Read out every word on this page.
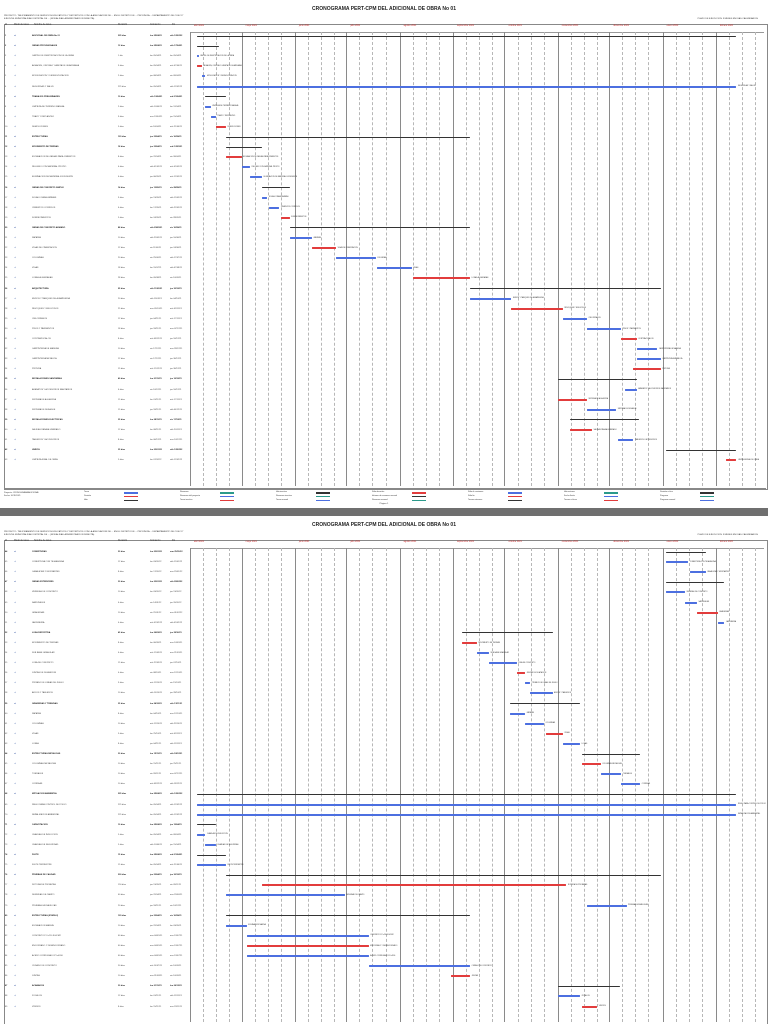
CRONOGRAMA PERT-CPM DEL ADICIONAL DE OBRA No 01
PROYECTO: "MEJORAMIENTO DE SERVICIOS EDUCATIVOS Y DEPORTIVOS CON LA ADECUACION DE ... EN EL DISTRITO DE ... PROVINCIA ... DEPARTAMENTO DE CUSCO"
EJECUTA: MUNICIPALIDAD DISTRITAL DE ... (MODALIDAD ADMINISTRACION DIRECTA)	PLAZO DE EJECUCION: 3 MESES EN DIAS CALENDARIOS
Id	Modo de tarea Nombre de tarea	Duración	Comienzo	Fin
1	⇉	ADICIONAL DE OBRA No 01	225 días	lun 05/04/21	sáb 12/02/22
2	⇉	OBRAS PROVISIONALES	12 días	lun 05/04/21	sáb 17/04/21
3	⇉	CARTEL DE IDENTIFICACION DE LA OBRA	1 día	lun 05/04/21	lun 05/04/21
4	⇉	ALMACEN, OFICINA Y CASETA DE GUARDIANIA	3 días	lun 05/04/21	mié 07/04/21
5	⇉	MOVILIZACION Y DESMOVILIZACION	2 días	jue 08/04/21	vie 09/04/21
6	⇉	SEGURIDAD Y SALUD	225 días	lun 05/04/21	sáb 12/02/22
7	⇉	TRABAJOS PRELIMINARES	10 días	sáb 10/04/21	mié 21/04/21
8	⇉	LIMPIEZA DE TERRENO MANUAL	2 días	sáb 10/04/21	lun 12/04/21
9	⇉	TRAZO Y REPLANTEO	3 días	mar 13/04/21	jue 15/04/21
10	⇉	DEMOLICIONES	5 días	vie 16/04/21	mié 21/04/21
11	⇉	ESTRUCTURAS	120 días	jue 22/04/21	vie 10/09/21
12	⇉	MOVIMIENTO DE TIERRAS	18 días	jue 22/04/21	mié 12/05/21
13	⇉	EXCAVACION DE ZANJAS PARA CIMIENTOS	8 días	jue 22/04/21	vie 30/04/21
14	⇉	RELLENO CON MATERIAL PROPIO	4 días	sáb 01/05/21	mié 05/05/21
15	⇉	ELIMINACION DE MATERIAL EXCEDENTE	6 días	jue 06/05/21	mié 12/05/21
16	⇉	OBRAS DE CONCRETO SIMPLE	14 días	jue 13/05/21	vie 28/05/21
17	⇉	SOLADO PARA ZAPATAS	3 días	jue 13/05/21	sáb 15/05/21
18	⇉	CIMIENTOS CORRIDOS	6 días	lun 17/05/21	sáb 22/05/21
19	⇉	SOBRECIMIENTOS	5 días	lun 24/05/21	vie 28/05/21
20	⇉	OBRAS DE CONCRETO ARMADO	88 días	sáb 29/05/21	vie 10/09/21
21	⇉	ZAPATAS	10 días	sáb 29/05/21	jue 10/06/21
22	⇉	VIGAS DE CIMENTACION	12 días	vie 11/06/21	jue 24/06/21
23	⇉	COLUMNAS	20 días	vie 25/06/21	sáb 17/07/21
24	⇉	VIGAS	18 días	lun 19/07/21	sáb 07/08/21
25	⇉	LOSAS ALIGERADAS	28 días	lun 09/08/21	vie 10/09/21
26	⇉	ARQUITECTURA	95 días	sáb 11/09/21	jue 30/12/21
27	⇉	MUROS Y TABIQUES DE ALBAÑILERIA	20 días	sáb 11/09/21	lun 04/10/21
28	⇉	REVOQUES Y ENLUCIDOS	25 días	mar 05/10/21	mié 03/11/21
29	⇉	CIELORRASOS	12 días	jue 04/11/21	mié 17/11/21
30	⇉	PISOS Y PAVIMENTOS	18 días	jue 18/11/21	mar 07/12/21
31	⇉	CONTRAZOCALOS	8 días	mié 08/12/21	jue 16/12/21
32	⇉	CARPINTERIA DE MADERA	10 días	vie 17/12/21	mar 28/12/21
33	⇉	CARPINTERIA METALICA	12 días	vie 17/12/21	jue 30/12/21
34	⇉	PINTURA	15 días	mié 15/12/21	jue 30/12/21
35	⇉	INSTALACIONES SANITARIAS	40 días	lun 01/11/21	jue 16/12/21
36	⇉	APARATOS Y ACCESORIOS SANITARIOS	6 días	vie 10/12/21	jue 16/12/21
37	⇉	SISTEMA DE AGUA FRIA	15 días	lun 01/11/21	mié 17/11/21
38	⇉	SISTEMA DE DESAGUE	15 días	jue 18/11/21	sáb 04/12/21
39	⇉	INSTALACIONES ELECTRICAS	35 días	lun 08/11/21	vie 17/12/21
40	⇉	SALIDAS PARA ALUMBRADO	12 días	lun 08/11/21	sáb 20/11/21
41	⇉	TABLEROS Y ACCESORIOS	8 días	lun 06/12/21	mar 14/12/21
42	⇉	VARIOS	35 días	lun 03/01/22	sáb 12/02/22
43	⇉	LIMPIEZA FINAL DE OBRA	5 días	lun 07/02/22	sáb 12/02/22
Tarea
División
Hito
Resumen
Resumen del proyecto
Tarea inactiva
Hito inactivo
Resumen inactivo
Tarea manual
Sólo duración
Informe de resumen manual
Resumen manual
Sólo el comienzo
Sólo fin
Tareas externas
Hito externo
Fecha límite
Tareas críticas
División crítica
Progreso
Progreso manual
Proyecto: CRONOGRAMA ADICIONAL
Fecha: 10/11/2021
Página 1
abril 2021	mayo 2021	junio 2021	julio 2021	agosto 2021	septiembre 2021	octubre 2021	noviembre 2021	diciembre 2021	enero 2022	febrero 2022
CARTEL DE IDENTIFICACION DE LA OBRA
ALMACEN, OFICINA Y CASETA DE GUARDIANIA
MOVILIZACION Y DESMOVILIZACION
SEGURIDAD Y SALUD
LIMPIEZA DE TERRENO MANUAL
TRAZO Y REPLANTEO
DEMOLICIONES
EXCAVACION DE ZANJAS PARA CIMIENTOS
RELLENO CON MATERIAL PROPIO
ELIMINACION DE MATERIAL EXCEDENTE
SOLADO PARA ZAPATAS
CIMIENTOS CORRIDOS
SOBRECIMIENTOS
ZAPATAS
VIGAS DE CIMENTACION
COLUMNAS
VIGAS
LOSAS ALIGERADAS
MUROS Y TABIQUES DE ALBAÑILERIA
REVOQUES Y ENLUCIDOS
CIELORRASOS
PISOS Y PAVIMENTOS
CONTRAZOCALOS
CARPINTERIA DE MADERA
CARPINTERIA METALICA
PINTURA
APARATOS Y ACCESORIOS SANITARIOS
SISTEMA DE AGUA FRIA
SISTEMA DE DESAGUE
SALIDAS PARA ALUMBRADO
TABLEROS Y ACCESORIOS
LIMPIEZA FINAL DE OBRA
CRONOGRAMA PERT-CPM DEL ADICIONAL DE OBRA No 01
PROYECTO: "MEJORAMIENTO DE SERVICIOS EDUCATIVOS Y DEPORTIVOS CON LA ADECUACION DE ... EN EL DISTRITO DE ... PROVINCIA ... DEPARTAMENTO DE CUSCO"
EJECUTA: MUNICIPALIDAD DISTRITAL DE ... (MODALIDAD ADMINISTRACION DIRECTA)	PLAZO DE EJECUCION: 3 MESES EN DIAS CALENDARIOS
Id	Modo de tarea Nombre de tarea	Duración	Comienzo	Fin
44	⇉	COBERTURAS	20 días	lun 03/01/22	mar 25/01/22
45	⇉	COBERTURA CON TEJA ANDINA	12 días	lun 03/01/22	sáb 15/01/22
46	⇉	CANALETAS Y MONTANTES	8 días	lun 17/01/22	mar 25/01/22
47	⇉	OBRAS EXTERIORES	30 días	lun 03/01/22	sáb 05/02/22
48	⇉	VEREDAS DE CONCRETO	10 días	lun 03/01/22	jue 13/01/22
49	⇉	SARDINELES	6 días	vie 14/01/22	jue 20/01/22
50	⇉	GRADERIAS	10 días	vie 21/01/22	mar 01/02/22
51	⇉	JARDINERIA	4 días	mié 02/02/22	sáb 05/02/22
52	⇉	LOSA DEPORTIVA	45 días	lun 06/09/21	jue 28/10/21
53	⇉	MOVIMIENTO DE TIERRAS	8 días	lun 06/09/21	mar 14/09/21
54	⇉	SUB BASE GRANULAR	6 días	mié 15/09/21	mar 21/09/21
55	⇉	LOSA DE CONCRETO	15 días	mié 22/09/21	jue 07/10/21
56	⇉	JUNTAS DE DILATACION	4 días	vie 08/10/21	mar 12/10/21
57	⇉	PINTADO DE LINEAS DE JUEGO	3 días	mié 13/10/21	vie 15/10/21
58	⇉	ARCOS Y TABLEROS	10 días	sáb 16/10/21	jue 28/10/21
59	⇉	GRADERIAS Y TRIBUNAS	35 días	lun 04/10/21	sáb 13/11/21
60	⇉	ZAPATAS	8 días	lun 04/10/21	mar 12/10/21
61	⇉	COLUMNAS	10 días	mié 13/10/21	sáb 23/10/21
62	⇉	VIGAS	9 días	lun 25/10/21	mié 03/11/21
63	⇉	LOSAS	8 días	jue 04/11/21	sáb 13/11/21
64	⇉	ESTRUCTURAS METALICAS	30 días	lun 15/11/21	sáb 18/12/21
65	⇉	COLUMNAS METALICAS	10 días	lun 15/11/21	jue 25/11/21
66	⇉	TIJERALES	10 días	vie 26/11/21	mar 07/12/21
67	⇉	CORREAS	10 días	mié 08/12/21	sáb 18/12/21
68	⇉	MITIGACION AMBIENTAL	225 días	lun 05/04/21	sáb 12/02/22
69	⇉	RIEGO PARA CONTROL DE POLVO	225 días	lun 05/04/21	sáb 12/02/22
70	⇉	SEÑALIZACION AMBIENTAL	225 días	lun 05/04/21	sáb 12/02/22
71	⇉	CAPACITACION	10 días	lun 05/04/21	jue 15/04/21
72	⇉	CHARLAS DE INDUCCION	5 días	lun 05/04/21	vie 09/04/21
73	⇉	CHARLAS DE SEGURIDAD	5 días	sáb 10/04/21	jue 15/04/21
74	⇉	FLETE	15 días	lun 05/04/21	mié 21/04/21
75	⇉	FLETE TERRESTRE	15 días	lun 05/04/21	mié 21/04/21
76	⇉	PRUEBAS DE CALIDAD	200 días	jue 22/04/21	jue 30/12/21
77	⇉	ROTURA DE PROBETAS	150 días	jue 13/05/21	vie 05/11/21
78	⇉	DENSIDAD DE CAMPO	60 días	jue 22/04/21	mar 29/06/21
79	⇉	PRUEBAS HIDRAULICAS	20 días	jue 18/11/21	vie 10/12/21
80	⇉	ESTRUCTURAS (ETAPA 2)	120 días	jue 22/04/21	vie 10/09/21
81	⇉	EXCAVACION MASIVA	10 días	jue 22/04/21	lun 03/05/21
82	⇉	CONCRETO F'C=210 KG/CM2	60 días	mar 04/05/21	mar 13/07/21
83	⇉	ENCOFRADO Y DESENCOFRADO	60 días	mar 04/05/21	mar 13/07/21
84	⇉	ACERO CORRUGADO FY=4200	60 días	mar 04/05/21	mar 13/07/21
85	⇉	CURADO DE CONCRETO	50 días	mié 14/07/21	vie 10/09/21
86	⇉	JUNTAS	10 días	mar 31/08/21	vie 10/09/21
87	⇉	ACABADOS	30 días	lun 01/11/21	lun 06/12/21
88	⇉	ZOCALOS	12 días	lun 01/11/21	sáb 13/11/21
89	⇉	VIDRIOS	8 días	lun 15/11/21	mar 23/11/21
abril 2021	mayo 2021	junio 2021	julio 2021	agosto 2021	septiembre 2021	octubre 2021	noviembre 2021	diciembre 2021	enero 2022	febrero 2022
COBERTURA CON TEJA ANDINA
CANALETAS Y MONTANTES
VEREDAS DE CONCRETO
SARDINELES
GRADERIAS
JARDINERIA
MOVIMIENTO DE TIERRAS
SUB BASE GRANULAR
LOSA DE CONCRETO
JUNTAS DE DILATACION
PINTADO DE LINEAS DE JUEGO
ARCOS Y TABLEROS
ZAPATAS
COLUMNAS
VIGAS
LOSAS
COLUMNAS METALICAS
TIJERALES
CORREAS
RIEGO PARA CONTROL DE POLVO
SEÑALIZACION AMBIENTAL
CHARLAS DE INDUCCION
CHARLAS DE SEGURIDAD
FLETE TERRESTRE
ROTURA DE PROBETAS
DENSIDAD DE CAMPO
PRUEBAS HIDRAULICAS
EXCAVACION MASIVA
CONCRETO F'C=210 KG/CM2
ENCOFRADO Y DESENCOFRADO
ACERO CORRUGADO FY=4200
CURADO DE CONCRETO
JUNTAS
ZOCALOS
VIDRIOS
